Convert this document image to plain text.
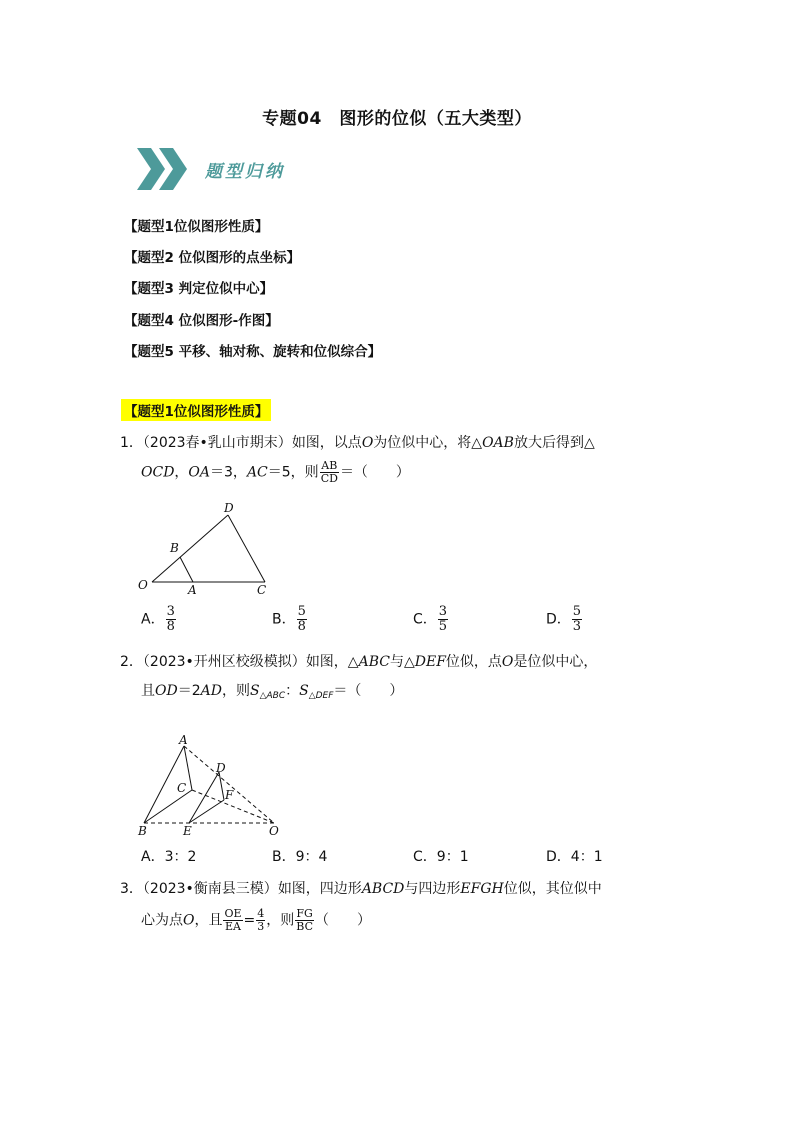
专题04　图形的位似（五大类型）
题型归纳
【题型1位似图形性质】
【题型2 位似图形的点坐标】
【题型3 判定位似中心】
【题型4 位似图形-作图】
【题型5 平移、轴对称、旋转和位似综合】
【题型1位似图形性质】
1．（2023春•乳山市期末）如图，以点O为位似中心，将△OAB放大后得到△
OCD，OA＝3，AC＝5，则 $\frac{AB}{CD}$ ＝（　　）
D
B
O	A	C
A． $\frac{3}{8}$	B． $\frac{5}{8}$	C． $\frac{3}{5}$	D． $\frac{5}{3}$
2．（2023•开州区校级模拟）如图，△ABC与△DEF位似，点O是位似中心，
且OD＝2AD，则$S_{\triangle ABC}$：$S_{\triangle DEF}=$（　　）
A
C
D
F
B	E	O
A．3：2	B．9：4	C．9：1	D．4：1
3．（2023•衡南县三模）如图，四边形ABCD与四边形EFGH位似，其位似中
心为点O，且 $\frac{OE}{EA} = \frac{4}{3}$ ，则 $\frac{FG}{BC}$ （　　）
